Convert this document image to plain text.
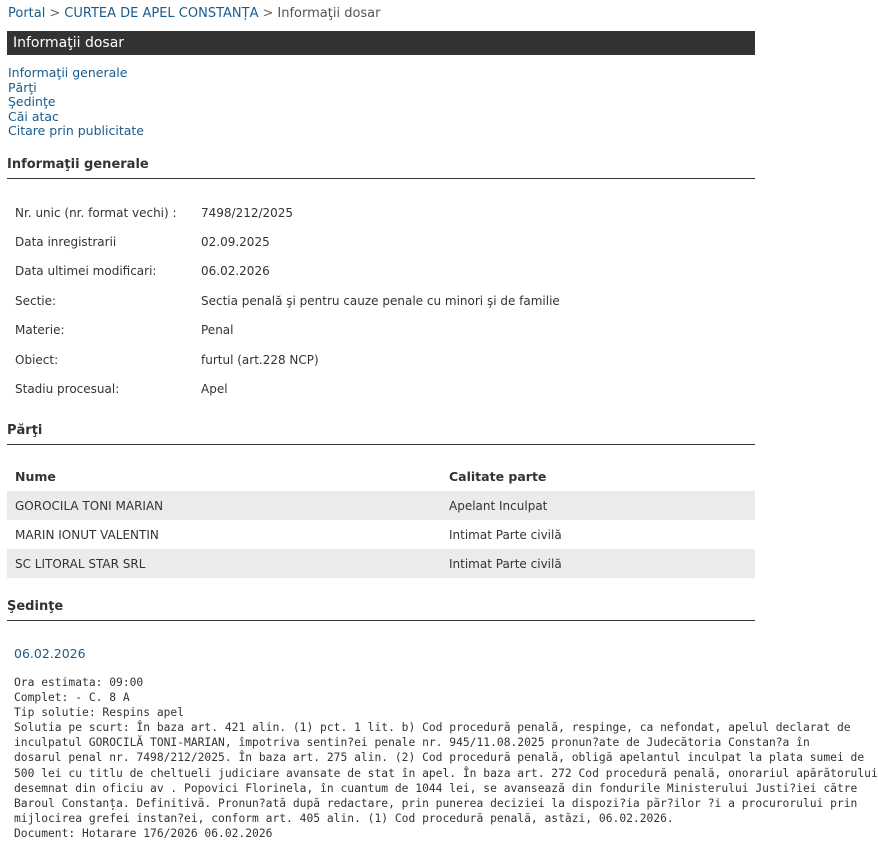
Portal > CURTEA DE APEL CONSTANȚA > Informaţii dosar
Informaţii dosar
Informaţii generale
Părţi
Şedinţe
Căi atac
Citare prin publicitate
Informaţii generale
Nr. unic (nr. format vechi) : 7498/212/2025
Data inregistrarii	02.09.2025
Data ultimei modificari:	06.02.2026
Sectie:	Sectia penală şi pentru cauze penale cu minori şi de familie
Materie:	Penal
Obiect:	furtul (art.228 NCP)
Stadiu procesual:	Apel
Părţi
Nume	Calitate parte
GOROCILA TONI MARIAN	Apelant Inculpat
MARIN IONUT VALENTIN	Intimat Parte civilă
SC LITORAL STAR SRL	Intimat Parte civilă
Şedinţe
06.02.2026
Ora estimata: 09:00
Complet: - C. 8 A
Tip solutie: Respins apel
Solutia pe scurt: În baza art. 421 alin. (1) pct. 1 lit. b) Cod procedură penală, respinge, ca nefondat, apelul declarat de
inculpatul GOROCILĂ TONI-MARIAN, împotriva sentin?ei penale nr. 945/11.08.2025 pronun?ate de Judecătoria Constan?a în
dosarul penal nr. 7498/212/2025. În baza art. 275 alin. (2) Cod procedură penală, obligă apelantul inculpat la plata sumei de
500 lei cu titlu de cheltueli judiciare avansate de stat în apel. În baza art. 272 Cod procedură penală, onorariul apărătorului
desemnat din oficiu av . Popovici Florinela, în cuantum de 1044 lei, se avansează din fondurile Ministerului Justi?iei către
Baroul Constanța. Definitivă. Pronun?ată după redactare, prin punerea deciziei la dispozi?ia păr?ilor ?i a procurorului prin
mijlocirea grefei instan?ei, conform art. 405 alin. (1) Cod procedură penală, astăzi, 06.02.2026.
Document: Hotarare 176/2026 06.02.2026
